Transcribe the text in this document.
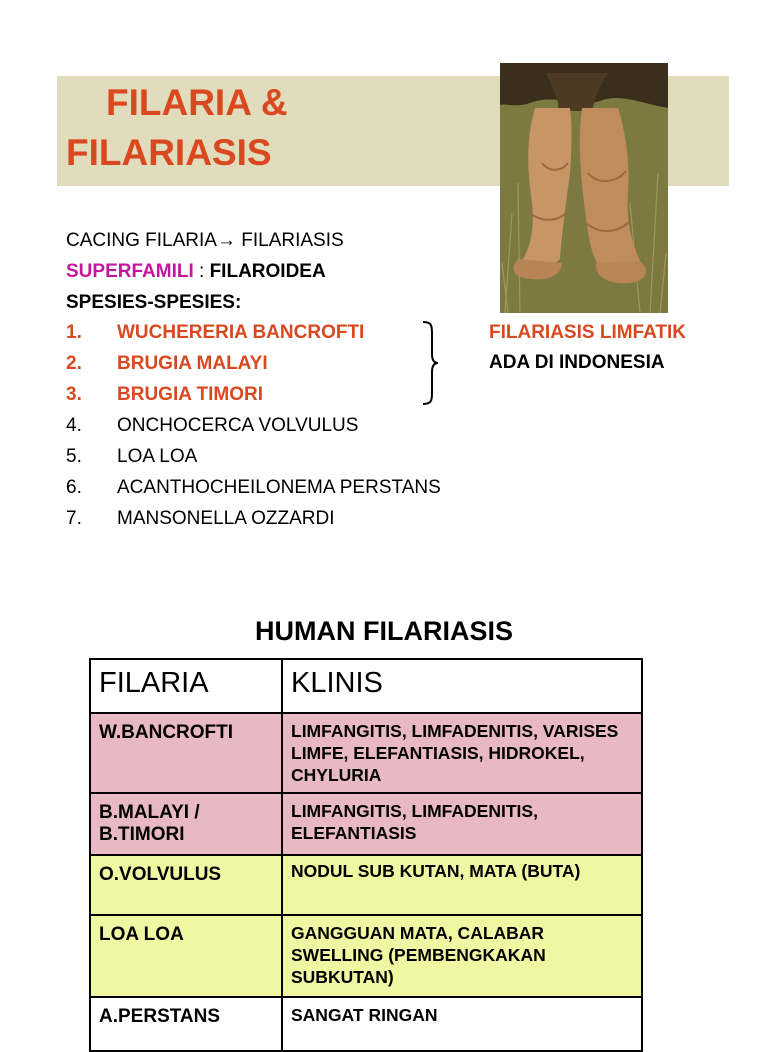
FILARIA &
FILARIASIS
CACING FILARIA→ FILARIASIS
SUPERFAMILI : FILAROIDEA
SPESIES-SPESIES:
1. WUCHERERIA BANCROFTI
2. BRUGIA MALAYI
3. BRUGIA TIMORI
4. ONCHOCERCA VOLVULUS
5. LOA LOA
6. ACANTHOCHEILONEMA PERSTANS
7. MANSONELLA OZZARDI
FILARIASIS LIMFATIK
ADA DI INDONESIA
HUMAN FILARIASIS
FILARIA	KLINIS
W.BANCROFTI	LIMFANGITIS, LIMFADENITIS, VARISES LIMFE, ELEFANTIASIS, HIDROKEL, CHYLURIA
B.MALAYI / B.TIMORI	LIMFANGITIS, LIMFADENITIS, ELEFANTIASIS
O.VOLVULUS	NODUL SUB KUTAN, MATA (BUTA)
LOA LOA	GANGGUAN MATA, CALABAR SWELLING (PEMBENGKAKAN SUBKUTAN)
A.PERSTANS	SANGAT RINGAN
